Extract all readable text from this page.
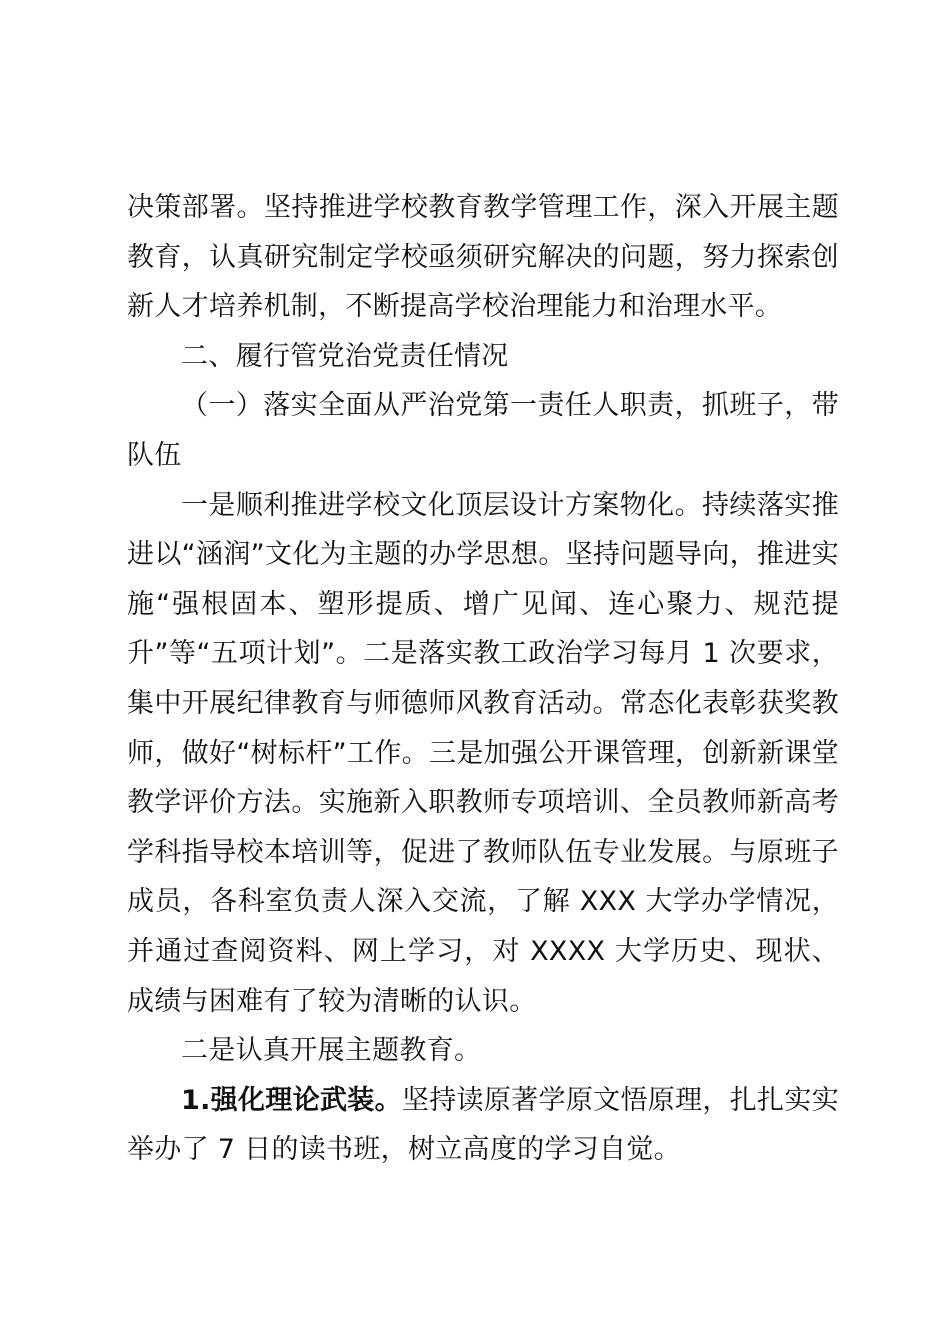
决策部署。坚持推进学校教育教学管理工作，深入开展主题教育，认真研究制定学校亟须研究解决的问题，努力探索创新人才培养机制，不断提高学校治理能力和治理水平。

二、履行管党治党责任情况

（一）落实全面从严治党第一责任人职责，抓班子，带队伍

一是顺利推进学校文化顶层设计方案物化。持续落实推进以“涵润”文化为主题的办学思想。坚持问题导向，推进实施“强根固本、塑形提质、增广见闻、连心聚力、规范提升”等“五项计划”。二是落实教工政治学习每月 1 次要求，集中开展纪律教育与师德师风教育活动。常态化表彰获奖教师，做好“树标杆”工作。三是加强公开课管理，创新新课堂教学评价方法。实施新入职教师专项培训、全员教师新高考学科指导校本培训等，促进了教师队伍专业发展。与原班子成员，各科室负责人深入交流，了解 XXX 大学办学情况，并通过查阅资料、网上学习，对 XXXX 大学历史、现状、成绩与困难有了较为清晰的认识。

二是认真开展主题教育。

1.强化理论武装。坚持读原著学原文悟原理，扎扎实实举办了 7 日的读书班，树立高度的学习自觉。
